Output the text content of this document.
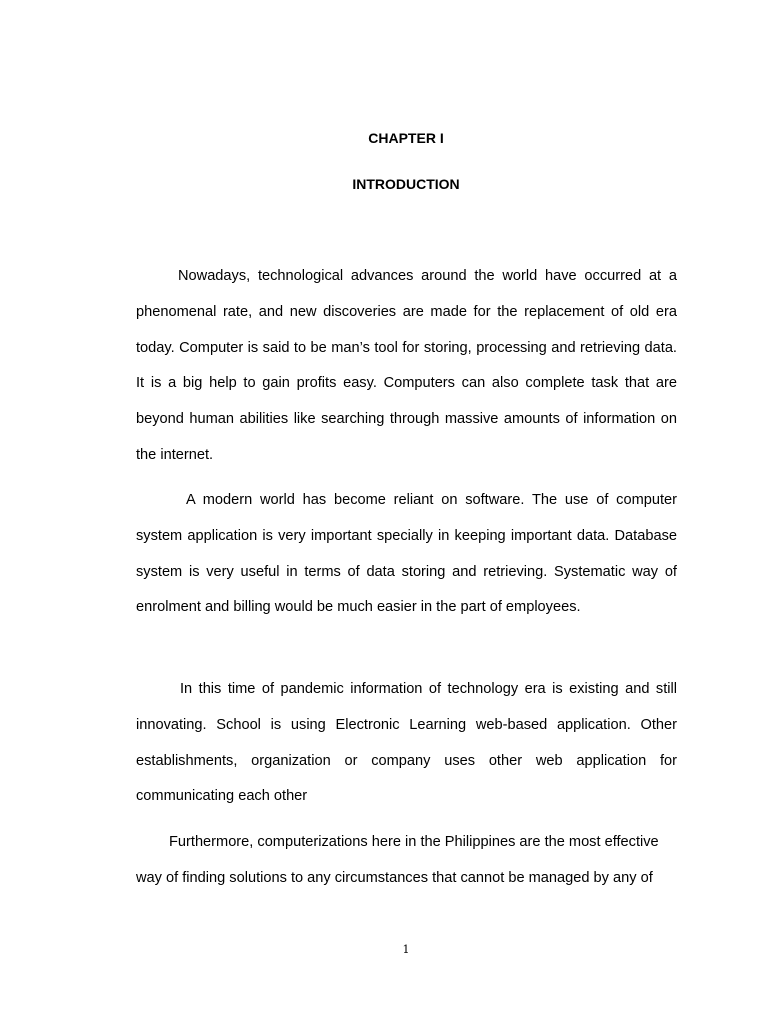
CHAPTER I
INTRODUCTION

Nowadays, technological advances around the world have occurred at a phenomenal rate, and new discoveries are made for the replacement of old era today. Computer is said to be man’s tool for storing, processing and retrieving data. It is a big help to gain profits easy. Computers can also complete task that are beyond human abilities like searching through massive amounts of information on the internet.

A modern world has become reliant on software. The use of computer system application is very important specially in keeping important data. Database system is very useful in terms of data storing and retrieving. Systematic way of enrolment and billing would be much easier in the part of employees.

In this time of pandemic information of technology era is existing and still innovating. School is using Electronic Learning web-based application. Other establishments, organization or company uses other web application for communicating each other

Furthermore, computerizations here in the Philippines are the most effective way of finding solutions to any circumstances that cannot be managed by any of

1
